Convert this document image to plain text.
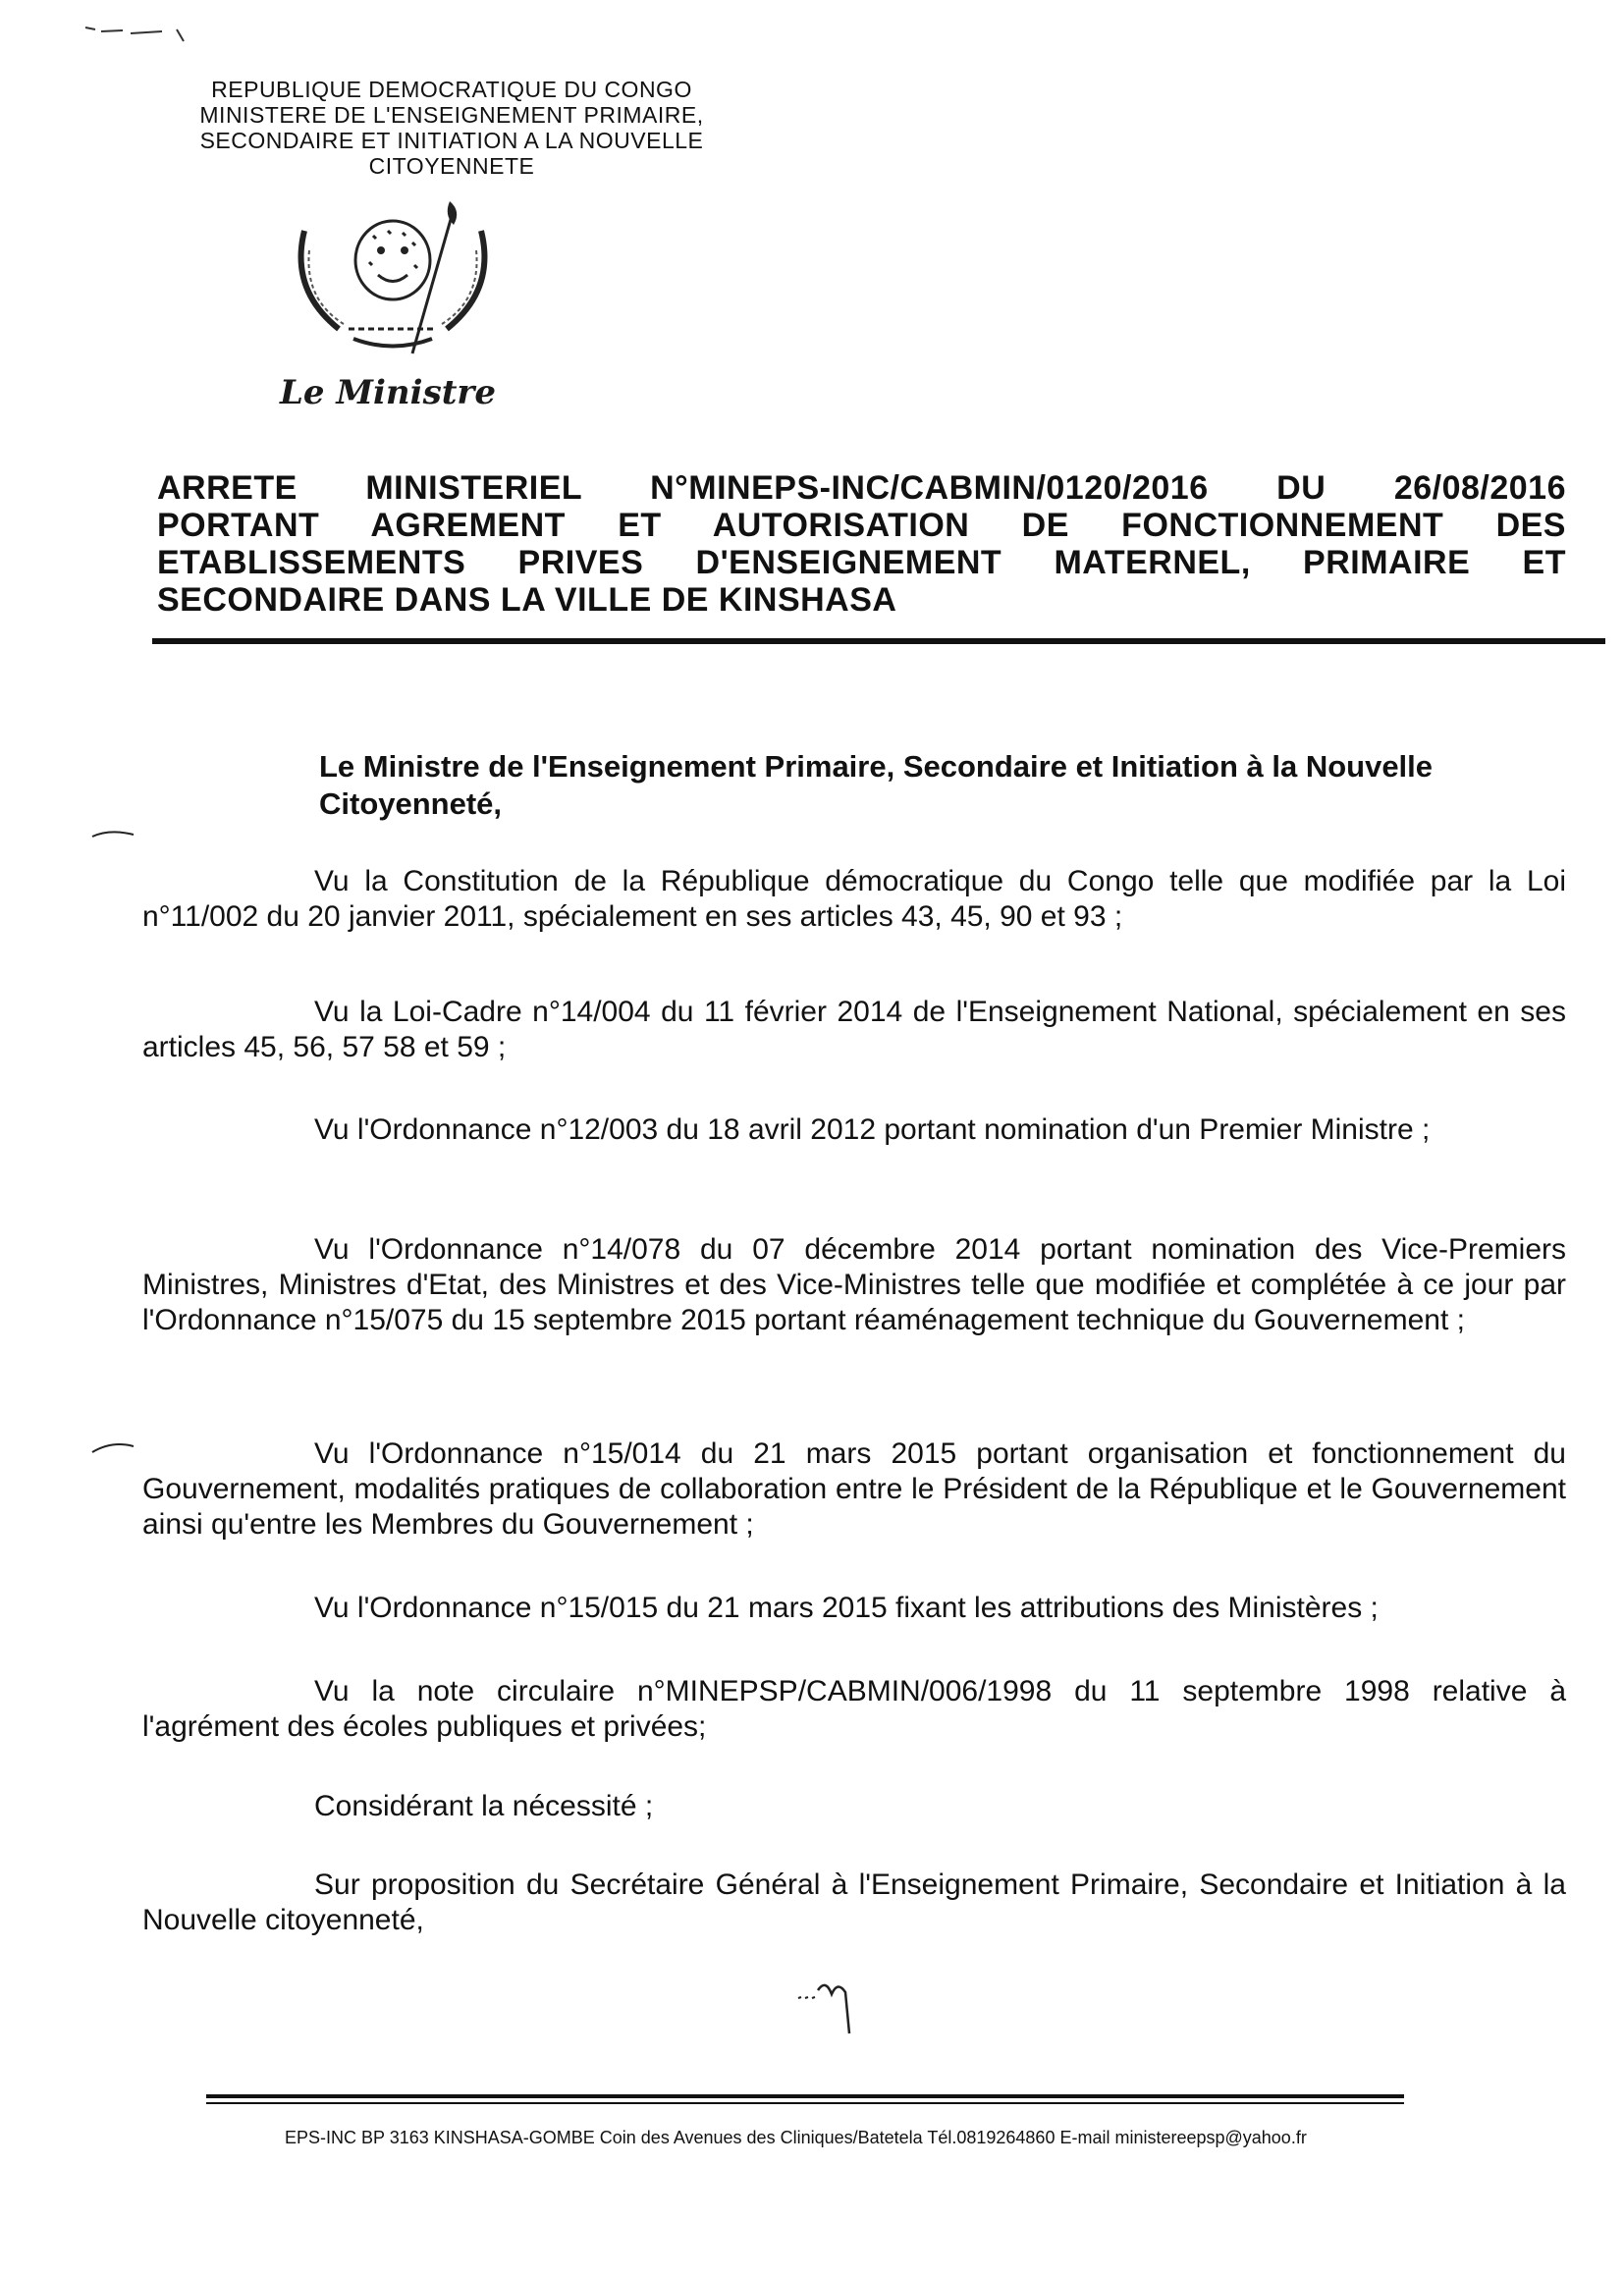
REPUBLIQUE DEMOCRATIQUE DU CONGO
MINISTERE DE L'ENSEIGNEMENT PRIMAIRE,
SECONDAIRE ET INITIATION A LA NOUVELLE
CITOYENNETE
Le Ministre
ARRETE MINISTERIEL N°MINEPS-INC/CABMIN/0120/2016 DU 26/08/2016
PORTANT AGREMENT ET AUTORISATION DE FONCTIONNEMENT DES
ETABLISSEMENTS PRIVES D'ENSEIGNEMENT MATERNEL, PRIMAIRE ET
SECONDAIRE DANS LA VILLE DE KINSHASA
Le Ministre de l'Enseignement Primaire, Secondaire et Initiation à la Nouvelle Citoyenneté,
Vu la Constitution de la République démocratique du Congo telle que modifiée par la Loi n°11/002 du 20 janvier 2011, spécialement en ses articles 43, 45, 90 et 93 ;
Vu la Loi-Cadre n°14/004 du 11 février 2014 de l'Enseignement National, spécialement en ses articles 45, 56, 57 58 et 59 ;
Vu l'Ordonnance n°12/003 du 18 avril 2012 portant nomination d'un Premier Ministre ;
Vu l'Ordonnance n°14/078 du 07 décembre 2014 portant nomination des Vice-Premiers Ministres, Ministres d'Etat, des Ministres et des Vice-Ministres telle que modifiée et complétée à ce jour par l'Ordonnance n°15/075 du 15 septembre 2015 portant réaménagement technique du Gouvernement ;
Vu l'Ordonnance n°15/014 du 21 mars 2015 portant organisation et fonctionnement du Gouvernement, modalités pratiques de collaboration entre le Président de la République et le Gouvernement ainsi qu'entre les Membres du Gouvernement ;
Vu l'Ordonnance n°15/015 du 21 mars 2015 fixant les attributions des Ministères ;
Vu la note circulaire n°MINEPSP/CABMIN/006/1998 du 11 septembre 1998 relative à l'agrément des écoles publiques et privées;
Considérant la nécessité ;
Sur proposition du Secrétaire Général à l'Enseignement Primaire, Secondaire et Initiation à la Nouvelle citoyenneté,
EPS-INC BP 3163 KINSHASA-GOMBE Coin des Avenues des Cliniques/Batetela Tél.0819264860 E-mail ministereepsp@yahoo.fr
